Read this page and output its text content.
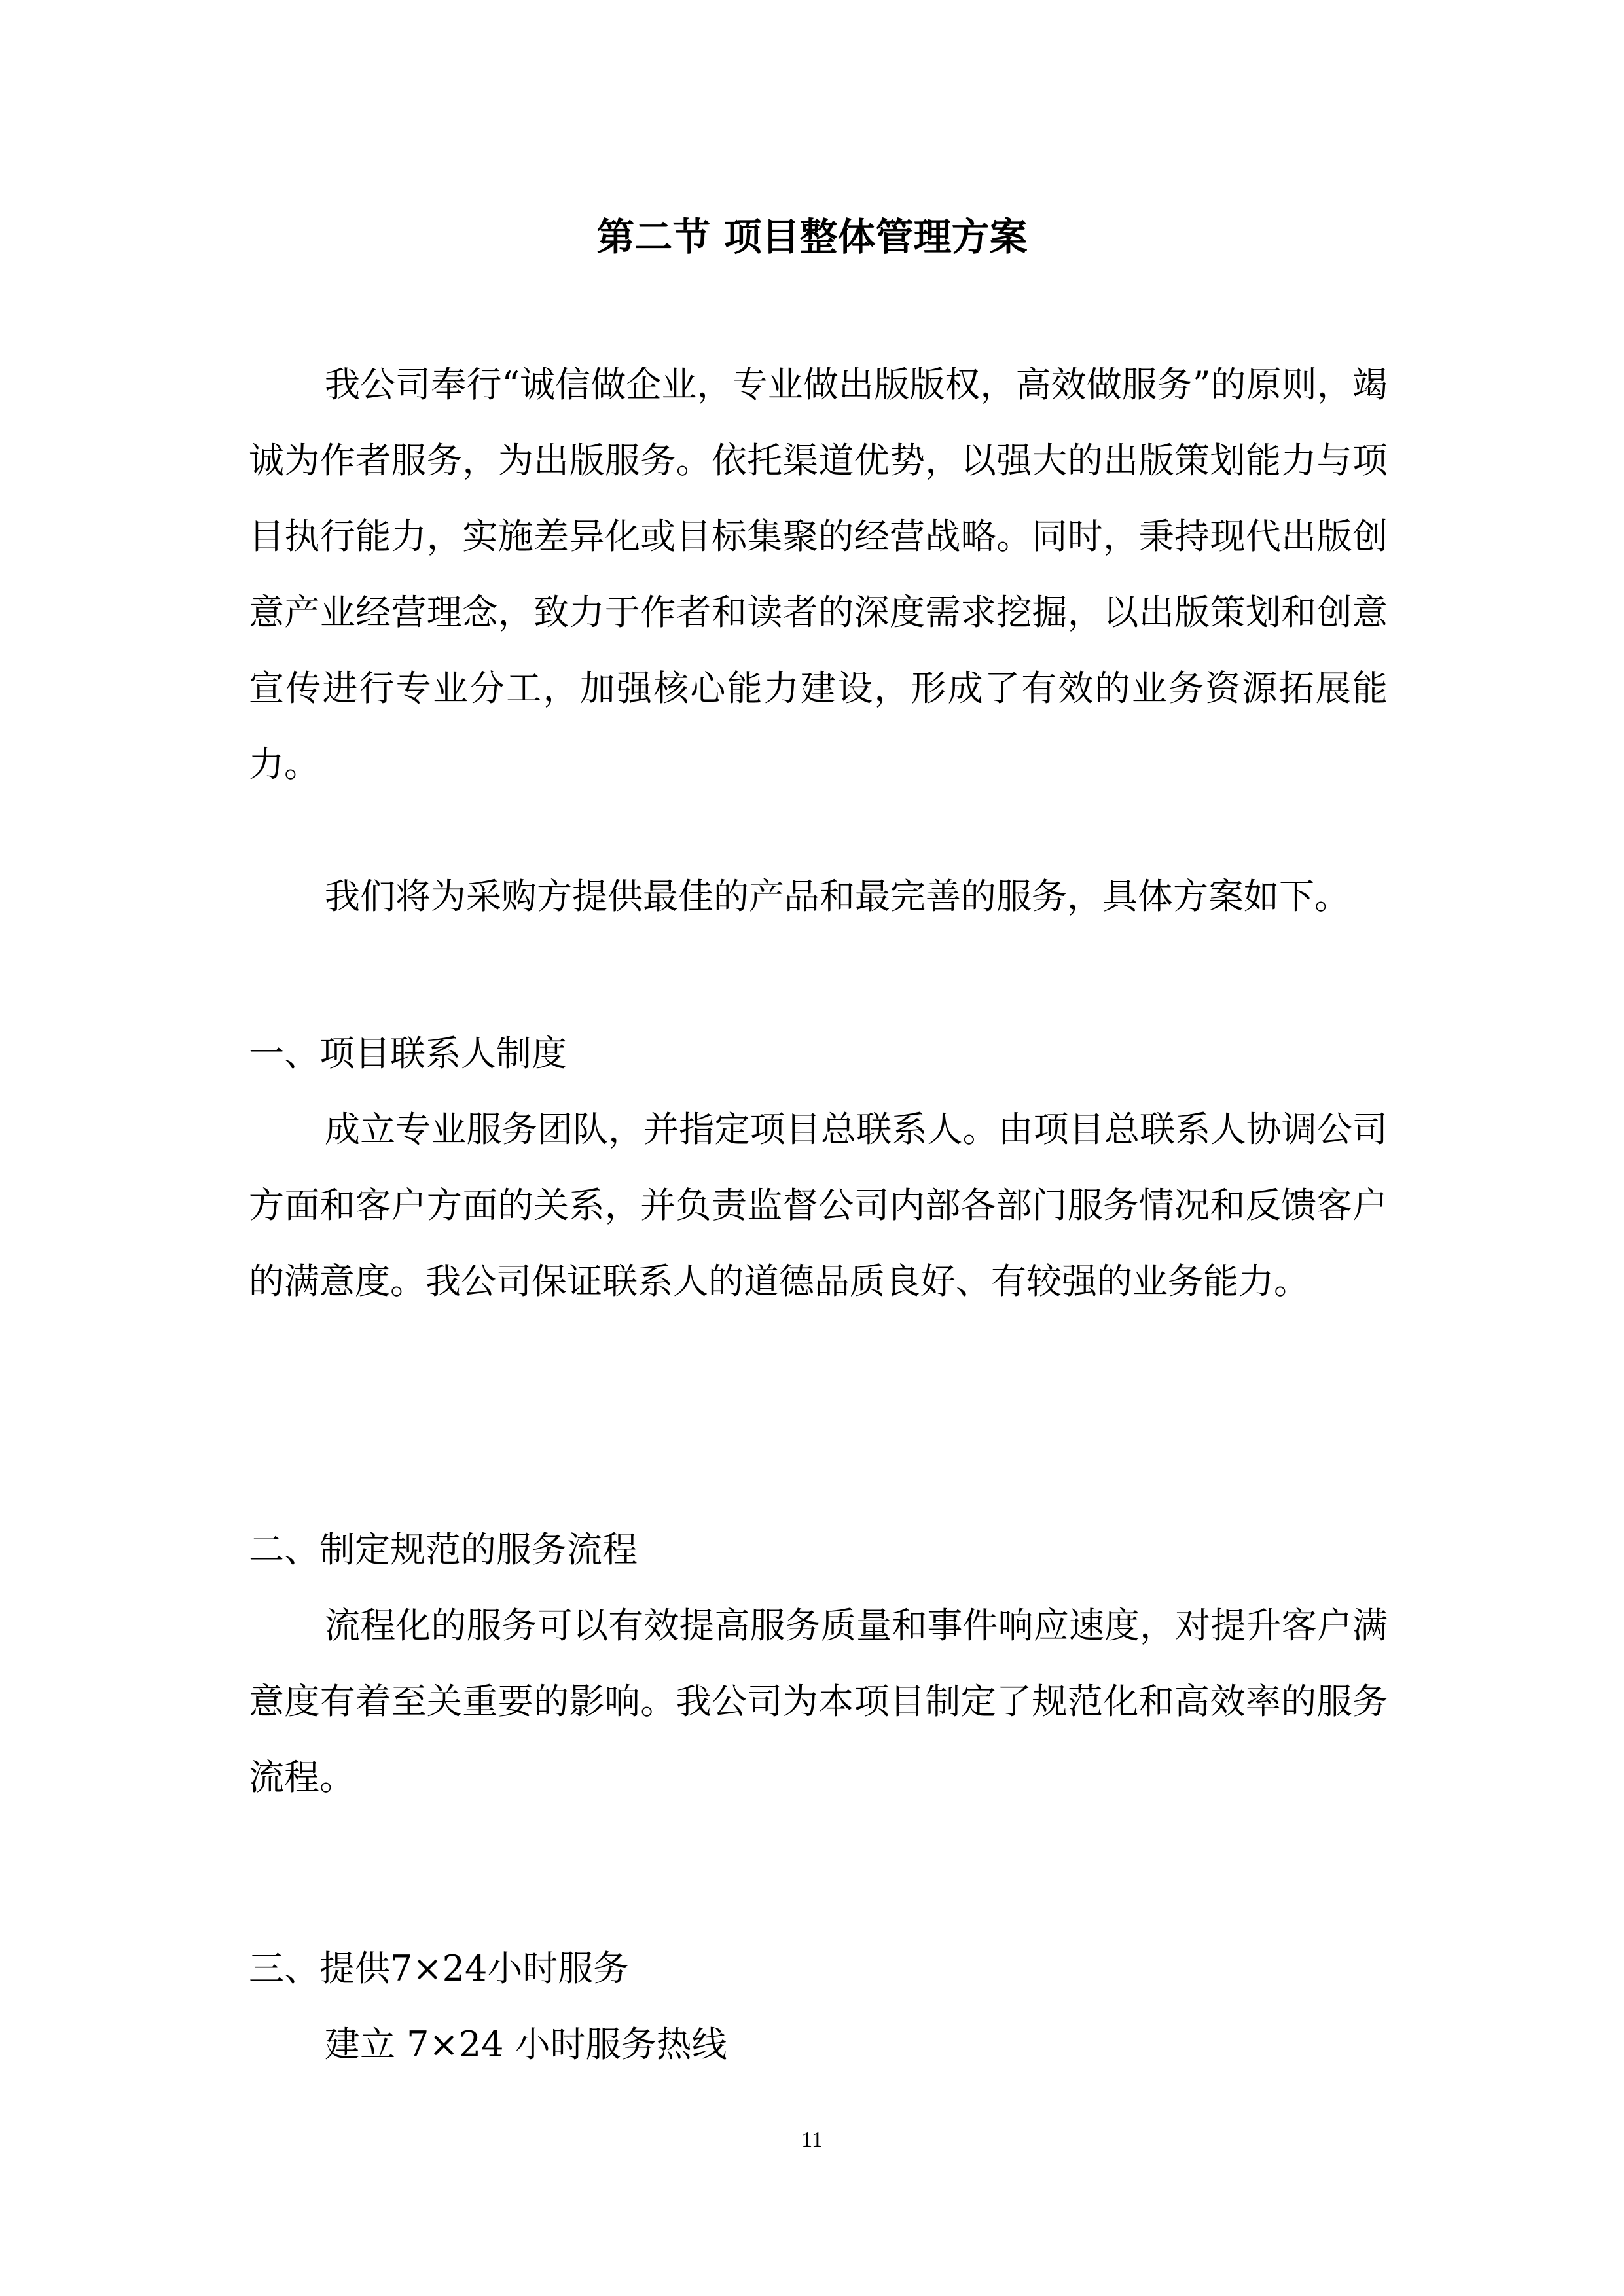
第二节 项目整体管理方案

我公司奉行“诚信做企业，专业做出版版权，高效做服务”的原则，竭诚为作者服务，为出版服务。依托渠道优势，以强大的出版策划能力与项目执行能力，实施差异化或目标集聚的经营战略。同时，秉持现代出版创意产业经营理念，致力于作者和读者的深度需求挖掘，以出版策划和创意宣传进行专业分工，加强核心能力建设，形成了有效的业务资源拓展能力。

我们将为采购方提供最佳的产品和最完善的服务，具体方案如下。

一、项目联系人制度

成立专业服务团队，并指定项目总联系人。由项目总联系人协调公司方面和客户方面的关系，并负责监督公司内部各部门服务情况和反馈客户的满意度。我公司保证联系人的道德品质良好、有较强的业务能力。

二、制定规范的服务流程

流程化的服务可以有效提高服务质量和事件响应速度，对提升客户满意度有着至关重要的影响。我公司为本项目制定了规范化和高效率的服务流程。

三、提供7×24小时服务

建立 7×24 小时服务热线

11
